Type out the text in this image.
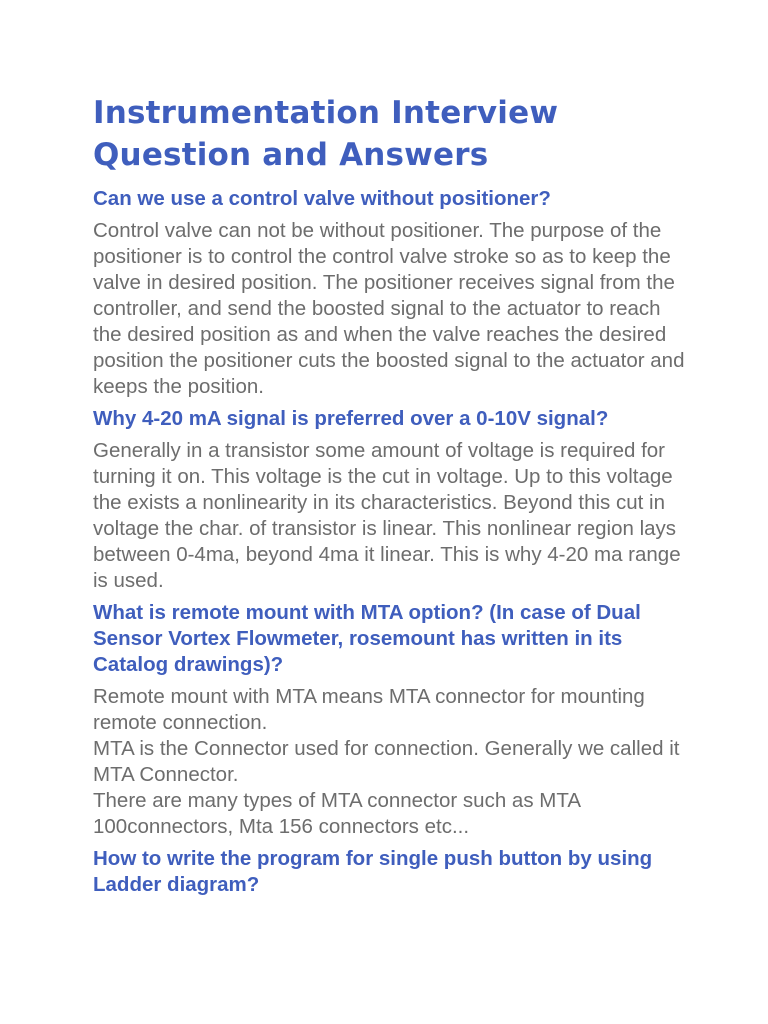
Instrumentation Interview Question and Answers
Can we use a control valve without positioner?

Control valve can not be without positioner. The purpose of the positioner is to control the control valve stroke so as to keep the valve in desired position. The positioner receives signal from the controller, and send the boosted signal to the actuator to reach the desired position as and when the valve reaches the desired position the positioner cuts the boosted signal to the actuator and keeps the position.

Why 4-20 mA signal is preferred over a 0-10V signal?

Generally in a transistor some amount of voltage is required for turning it on. This voltage is the cut in voltage. Up to this voltage the exists a nonlinearity in its characteristics. Beyond this cut in voltage the char. of transistor is linear. This nonlinear region lays between 0-4ma, beyond 4ma it linear. This is why 4-20 ma range is used.

What is remote mount with MTA option? (In case of Dual Sensor Vortex Flowmeter, rosemount has written in its Catalog drawings)?

Remote mount with MTA means MTA connector for mounting remote connection.

MTA is the Connector used for connection. Generally we called it MTA Connector.

There are many types of MTA connector such as MTA 100connectors, Mta 156 connectors etc...

How to write the program for single push button by using Ladder diagram?
